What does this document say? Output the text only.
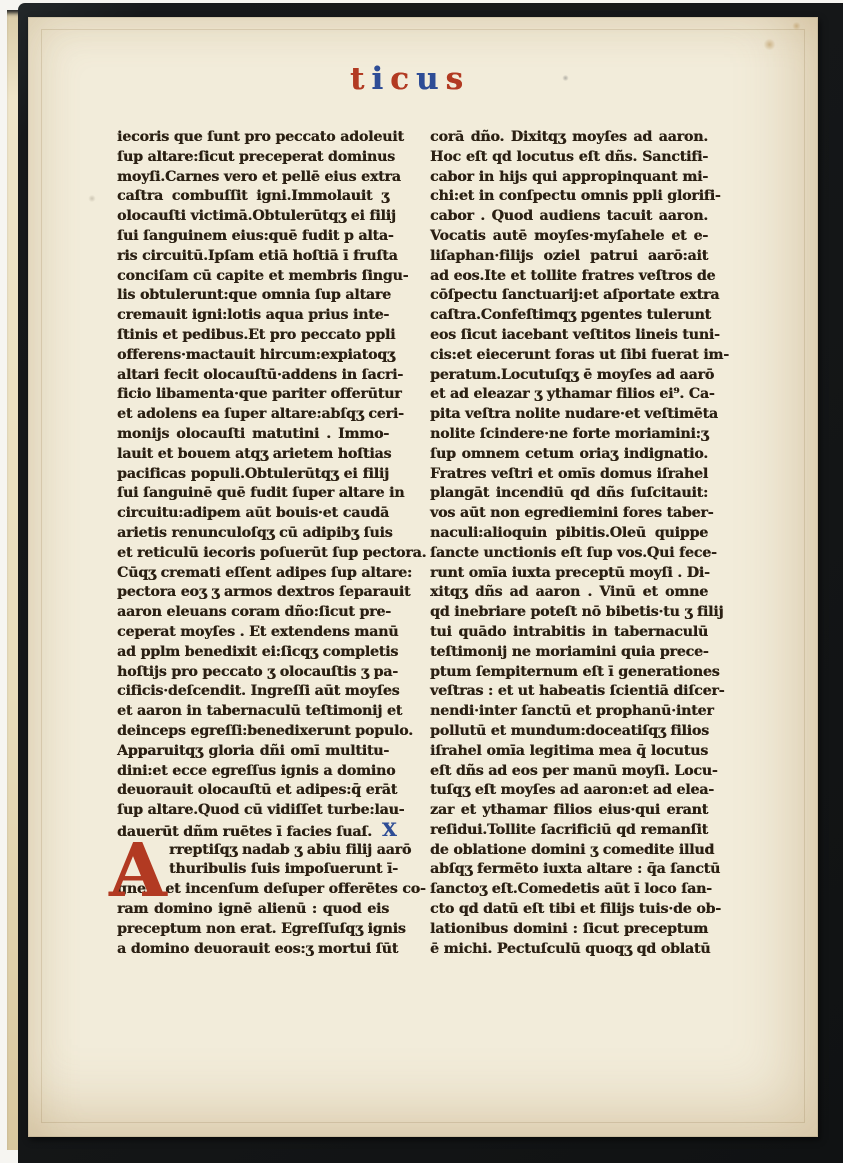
ticus
iecoris que ſunt pro peccato adoleuit
ſup altare:ſicut preceperat dominus
moyſi.Carnes vero et pellē eius extra
caſtra combuſſit igni.Immolauit ʒ
olocauſti victimā.Obtulerūtqʒ ei filij
ſui ſanguinem eius:quē fudit p alta-
ris circuitū.Ipſam etiā hoſtiā ī fruſta
conciſam cū capite et membris ſingu-
lis obtulerunt:que omnia ſup altare
cremauit igni:lotis aqua prius inte-
ſtinis et pedibus.Et pro peccato ppli
offerens·mactauit hircum:expiatoqʒ
altari fecit olocauſtū·addens in ſacri-
ficio libamenta·que pariter offerūtur
et adolens ea ſuper altare:abſqʒ ceri-
monijs olocauſti matutini . Immo-
lauit et bouem atqʒ arietem hoſtias
pacificas populi.Obtulerūtqʒ ei filij
ſui ſanguinē quē fudit ſuper altare in
circuitu:adipem aūt bouis·et caudā
arietis renunculoſqʒ cū adipibʒ ſuis
et reticulū iecoris poſuerūt ſup pectora.
Cūqʒ cremati eſſent adipes ſup altare:
pectora eoʒ ʒ armos dextros ſeparauit
aaron eleuans coram dño:ſicut pre-
ceperat moyſes . Et extendens manū
ad pplm benedixit ei:ſicqʒ completis
hoſtijs pro peccato ʒ olocauſtis ʒ pa-
cificis·deſcendit. Ingreſſi aūt moyſes
et aaron in tabernaculū teſtimonij et
deinceps egreſſi:benedixerunt populo.
Apparuitqʒ gloria dñi omī multitu-
dini:et ecce egreſſus ignis a domino
deuorauit olocauſtū et adipes:q̄ erāt
ſup altare.Quod cū vidiſſet turbe:lau-
dauerūt dñm ruētes ī facies ſuaſ. X
A rreptiſqʒ nadab ʒ abiu filij aarō
thuribulis ſuis impoſuerunt ī-
gnem et incenſum deſuper offerētes co-
ram domino ignē alienū : quod eis
preceptum non erat. Egreſſuſqʒ ignis
a domino deuorauit eos:ʒ mortui ſūt
corā dño. Dixitqʒ moyſes ad aaron.
Hoc eſt qd locutus eſt dñs. Sanctifi-
cabor in hijs qui appropinquant mi-
chi:et in conſpectu omnis ppli glorifi-
cabor . Quod audiens tacuit aaron.
Vocatis autē moyſes·myſahele et e-
liſaphan·filijs oziel patrui aarō:ait
ad eos.Ite et tollite fratres veſtros de
cōſpectu ſanctuarij:et aſportate extra
caſtra.Confeſtimqʒ pgentes tulerunt
eos ſicut iacebant veſtitos lineis tuni-
cis:et eiecerunt foras ut ſibi fuerat im-
peratum.Locutuſqʒ ē moyſes ad aarō
et ad eleazar ʒ ythamar filios ei⁹. Ca-
pita veſtra nolite nudare·et veſtimēta
nolite ſcindere·ne forte moriamini:ʒ
ſup omnem cetum oriaʒ indignatio.
Fratres veſtri et omīs domus iſrahel
plangāt incendiū qd dñs ſuſcitauit:
vos aūt non egrediemini fores taber-
naculi:alioquin pibitis.Oleū quippe
ſancte unctionis eſt ſup vos.Qui fece-
runt omīa iuxta preceptū moyſi . Di-
xitqʒ dñs ad aaron . Vinū et omne
qd inebriare poteſt nō bibetis·tu ʒ filij
tui quādo intrabitis in tabernaculū
teſtimonij ne moriamini quia prece-
ptum ſempiternum eſt ī generationes
veſtras : et ut habeatis ſcientiā diſcer-
nendi·inter ſanctū et prophanū·inter
pollutū et mundum:doceatiſqʒ filios
iſrahel omīa legitima mea q̄ locutus
eſt dñs ad eos per manū moyſi. Locu-
tuſqʒ eſt moyſes ad aaron:et ad elea-
zar et ythamar filios eius·qui erant
reſidui.Tollite ſacrificiū qd remanſit
de oblatione domini ʒ comedite illud
abſqʒ fermēto iuxta altare : q̄a ſanctū
ſanctoʒ eſt.Comedetis aūt ī loco ſan-
cto qd datū eſt tibi et filijs tuis·de ob-
lationibus domini : ſicut preceptum
ē michi. Pectuſculū quoqʒ qd oblatū
